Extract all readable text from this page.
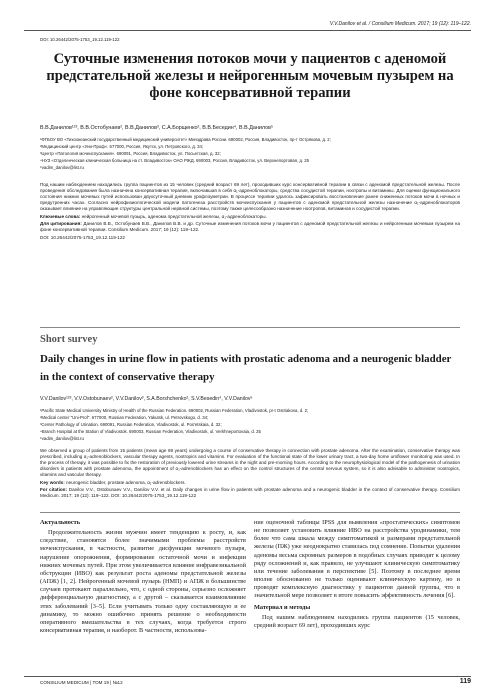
V.V.Danilov et al. / Consilium Medicum. 2017; 19 (12): 119–122.
DOI: 10.26442/2075-1753_19.12.119-122
Суточные изменения потоков мочи у пациентов с аденомой предстательной железы и нейрогенным мочевым пузырем на фоне консервативной терапии
В.В.Данилов¹²³, В.В.Остобунаев², В.В.Данилов³, С.А.Борщенко², В.В.Беседин⁴, В.В.Данилов⁵
¹ФГБОУ ВО «Тихоокеанский государственный медицинский университет» Минздрава России. 690002, Россия, Владивосток, пр-т Острякова, д. 2;
²Медицинский центр «Уни-Проф». 677000, Россия, Якутск, ул. Петровского, д. 34;
³Центр «Патология мочеиспускания». 690091, Россия, Владивосток, ул. Посьетская, д. 32;
⁴НУЗ «Отделенческая клиническая больница на ст. Владивосток» ОАО РЖД. 690003, Россия, Владивосток, ул. Верхнепортовая, д. 25
⁵vadim_danilov@list.ru

Под нашим наблюдением находились группа пациентов из 15 человек (средний возраст 69 лет), проходивших курс консервативной терапии в связи с аденомой предстательной железы. После проведения обследования была назначена консервативная терапия, включавшая в себя α₁-адреноблокаторы, средства сосудистой терапии, ноотропы и витамины. Для оценки функционального состояния нижних мочевых путей использован двухсуточный дневник урофлоуметрии. В процессе терапии удалось зафиксировать восстановление ранее сниженных потоков мочи в ночных и предутренних часах. Согласно нейрофизиологической модели патогенеза расстройств мочеиспускания у пациентов с аденомой предстательной железы назначение α₁-адреноблокаторов оказывает влияние на управляющие структуры центральной нервной системы, поэтому также целесообразно назначение ноотропов, витаминов и сосудистой терапии.

Ключевые слова: нейрогенный мочевой пузырь, аденома предстательной железы, α₁-адреноблокаторы.

Для цитирования: Данилов В.В., Остобунаев В.В., Данилов В.В. и др. Суточные изменения потоков мочи у пациентов с аденомой предстательной железы и нейрогенным мочевым пузырем на фоне консервативной терапии. Consilium Medicum. 2017; 19 (12): 119–122.

DOI: 10.26442/2075-1753_19.12.119-122

Short survey
Daily changes in urine flow in patients with prostatic adenoma and a neurogenic bladder in the context of conservative therapy
V.V.Danilov¹²³, V.V.Ostobunaev², V.V.Danilov³, S.A.Borshchenko², S.V.Besedin⁴, V.V.Danilov⁵
¹Pacific State Medical University Ministry of Health of the Russian Federation. 690002, Russian Federation, Vladivostok, pr-t Ostriakova, d. 2;
²Medical center "Uni-Prof". 677000, Russian Federation, Yakutsk, ul. Petrovskogo, d. 34;
³Center Pathology of Urination. 690091, Russian Federation, Vladivostok, ul. Pos'etskaia, d. 32;
⁴Branch Hospital at the Station of Vladivostok. 690003, Russian Federation, Vladivostok, ul. Verkhneportovaia, d. 25
⁵vadim_danilov@list.ru

We observed a group of patients from 15 patients (mean age 69 years) undergoing a course of conservative therapy in connection with prostate adenoma. After the examination, conservative therapy was prescribed, including α₁-adrenoblockers, vascular therapy agents, nootropics and vitamins. For evaluation of the functional state of the lower urinary tract, a two-day home uroflower monitoring was used. In the process of therapy, it was possible to fix the restoration of previously lowered urine streams in the night and pre-morning hours. According to the neurophysiological model of the pathogenesis of urination disorders in patients with prostate adenoma, the appointment of α₁-adrenoblockers has an effect on the control structures of the central nervous system, so it is also advisable to administer nootropics, vitamins and vascular therapy.

Key words: neurogenic bladder, prostate adenoma, α₁-adrenoblockers.

For citation: Danilov V.V., Ostobunaev V.V., Danilov V.V. et al. Daily changes in urine flow in patients with prostate adenoma and a neurogenic bladder in the context of conservative therapy. Consilium Medicum. 2017; 19 (12): 119–122. DOI: 10.26442/2075-1753_19.12.119-122

Актуальность

Продолжительность жизни мужчин имеет тенденцию к росту, и, как следствие, становятся более значимыми проблемы расстройств мочеиспускания, в частности, развитие дисфункции мочевого пузыря, нарушение опорожнения, формирование остаточной мочи и инфекции нижних мочевых путей. При этом увеличивается влияние инфравезикальной обструкции (ИВО) как результат роста аденомы предстательной железы (АПЖ) [1, 2]. Нейрогенный мочевой пузырь (НМП) и АПЖ в большинстве случаев протекают параллельно, что, с одной стороны, серьезно осложняет дифференциальную диагностику, а с другой – сказывается взаимовлияние этих заболеваний [3–5]. Если учитывать только одну составляющую и ее динамику, то можно ошибочно принять решение о необходимости оперативного вмешательства в тех случаях, когда требуется строго консервативная терапия, и наоборот. В частности, использова-

ние оценочной таблицы IPSS для выявления «простатических» симптомов не позволяет установить влияние ИВО на расстройства уродинамики, тем более что сама шкала между симптоматикой и размерами предстательной железы (ПЖ) уже неоднократно ставилась под сомнение. Попытки удаления аденомы весьма скромных размеров в подобных случаях приводят к целому ряду осложнений и, как правило, не улучшают клиническую симптоматику или течение заболевания в перспективе [5]. Поэтому в последнее время вполне обоснованно не только оценивают клиническую картину, но и проводят комплексную диагностику у пациентов данной группы, что в значительной мере позволяет в итоге повысить эффективность лечения [6].

Материал и методы

Под нашим наблюдением находились группа пациентов (15 человек, средний возраст 69 лет), проходивших курс

CONSILIUM MEDICUM | ТОМ 19 | №12	119
